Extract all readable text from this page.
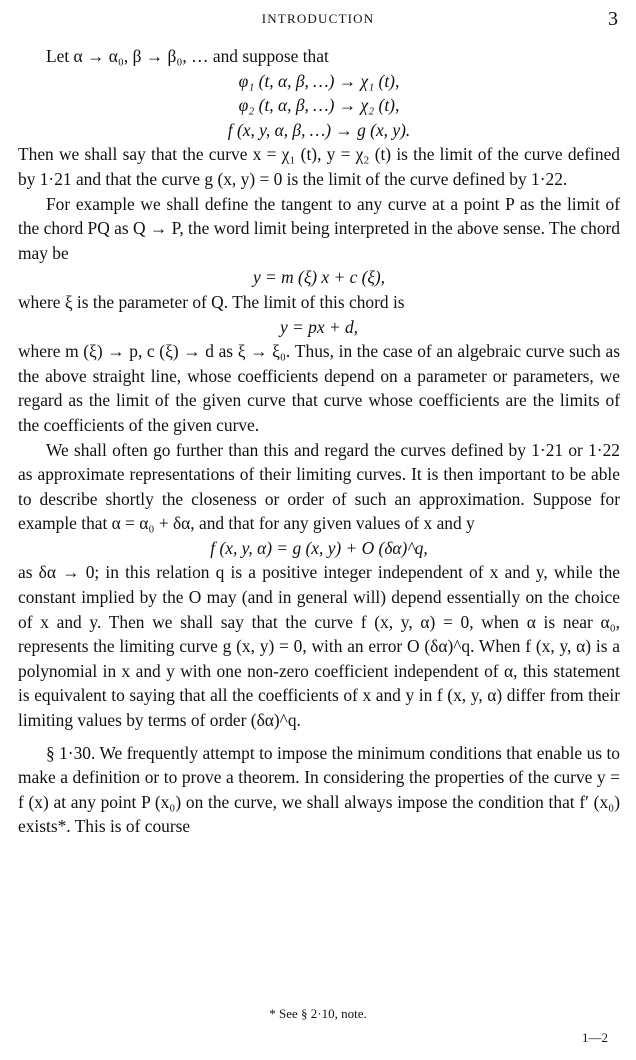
INTRODUCTION	3

Let α → α₀, β → β₀, … and suppose that

φ₁ (t, α, β, …) → χ₁ (t),

φ₂ (t, α, β, …) → χ₂ (t),

f (x, y, α, β, …) → g (x, y).

Then we shall say that the curve x = χ₁ (t), y = χ₂ (t) is the limit of the curve defined by 1·21 and that the curve g (x, y) = 0 is the limit of the curve defined by 1·22.

For example we shall define the tangent to any curve at a point P as the limit of the chord PQ as Q → P, the word limit being interpreted in the above sense. The chord may be

y = m (ξ) x + c (ξ),

where ξ is the parameter of Q. The limit of this chord is

y = px + d,

where m (ξ) → p, c (ξ) → d as ξ → ξ₀. Thus, in the case of an algebraic curve such as the above straight line, whose coefficients depend on a parameter or parameters, we regard as the limit of the given curve that curve whose coefficients are the limits of the coefficients of the given curve.

We shall often go further than this and regard the curves defined by 1·21 or 1·22 as approximate representations of their limiting curves. It is then important to be able to describe shortly the closeness or order of such an approximation. Suppose for example that α = α₀ + δα, and that for any given values of x and y

f (x, y, α) = g (x, y) + O (δα)^q,

as δα → 0; in this relation q is a positive integer independent of x and y, while the constant implied by the O may (and in general will) depend essentially on the choice of x and y. Then we shall say that the curve f (x, y, α) = 0, when α is near α₀, represents the limiting curve g (x, y) = 0, with an error O (δα)^q. When f (x, y, α) is a polynomial in x and y with one non-zero coefficient independent of α, this statement is equivalent to saying that all the coefficients of x and y in f (x, y, α) differ from their limiting values by terms of order (δα)^q.

§ 1·30. We frequently attempt to impose the minimum conditions that enable us to make a definition or to prove a theorem. In considering the properties of the curve y = f (x) at any point P (x₀) on the curve, we shall always impose the condition that f′ (x₀) exists*. This is of course

* See § 2·10, note.
1—2
